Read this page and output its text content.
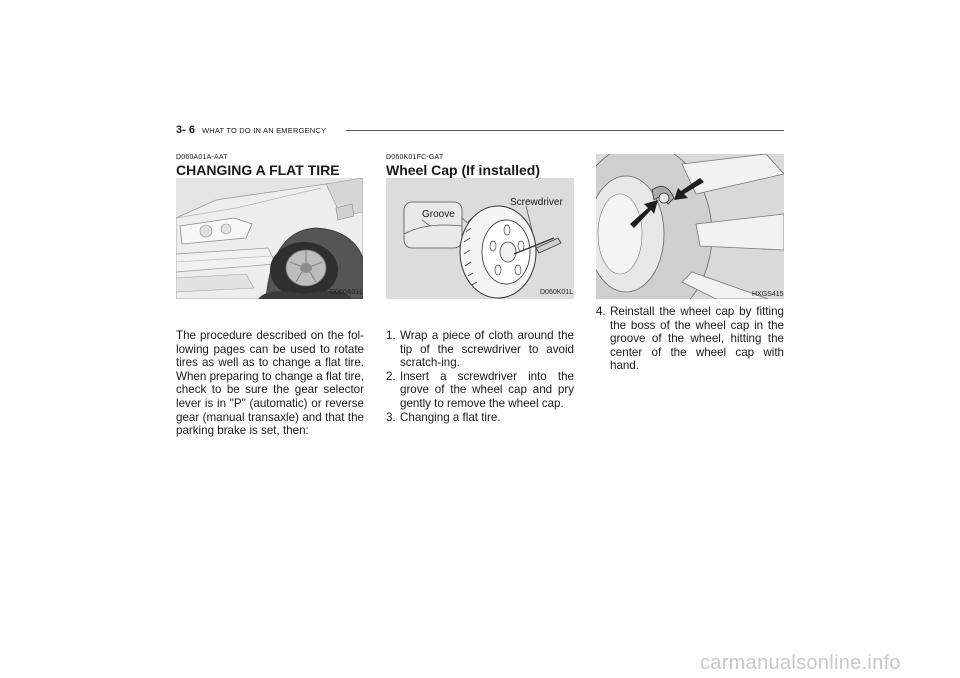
3- 6 WHAT TO DO IN AN EMERGENCY
D060A01A-AAT
CHANGING A FLAT TIRE
D060A01L
The procedure described on the fol-lowing pages can be used to rotate tires as well as to change a flat tire. When preparing to change a flat tire, check to be sure the gear selector lever is in "P" (automatic) or reverse gear (manual transaxle) and that the parking brake is set, then:
D060K01FC-GAT
Wheel Cap (If installed)
Groove
Screwdriver
D060K01L
1. Wrap a piece of cloth around the tip of the screwdriver to avoid scratch-ing.
2. Insert a screwdriver into the grove of the wheel cap and pry gently to remove the wheel cap.
3. Changing a flat tire.
HXGS415
4. Reinstall the wheel cap by fitting the boss of the wheel cap in the groove of the wheel, hitting the center of the wheel cap with hand.
carmanualsonline.info
